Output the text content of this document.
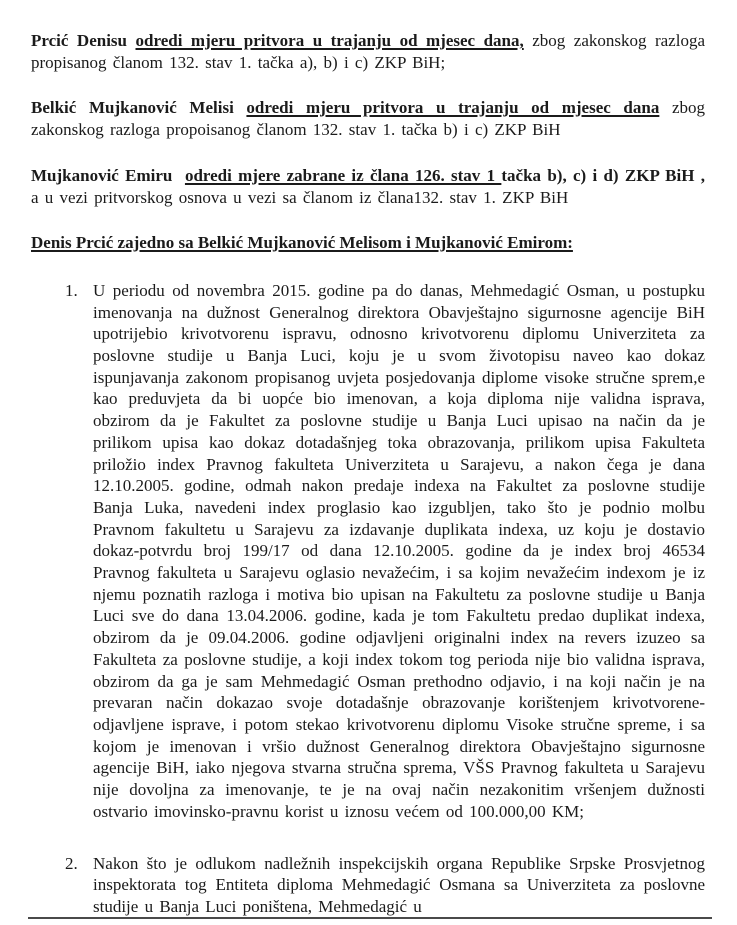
Prcić Denisu odredi mjeru pritvora u trajanju od mjesec dana, zbog zakonskog razloga propisanog članom 132. stav 1. tačka a), b) i c) ZKP BiH;

Belkić Mujkanović Melisi odredi mjeru pritvora u trajanju od mjesec dana zbog zakonskog razloga propoisanog članom 132. stav 1. tačka b) i c) ZKP BiH

Mujkanović Emiru  odredi mjere zabrane iz člana 126. stav 1 tačka b), c) i d) ZKP BiH , a u vezi pritvorskog osnova u vezi sa članom iz člana132. stav 1. ZKP BiH

Denis Prcić zajedno sa Belkić Mujkanović Melisom i Mujkanović Emirom:

1. U periodu od novembra 2015. godine pa do danas, Mehmedagić Osman, u postupku imenovanja na dužnost Generalnog direktora Obavještajno sigurnosne agencije BiH upotrijebio krivotvorenu ispravu, odnosno krivotvorenu diplomu Univerziteta za poslovne studije u Banja Luci, koju je u svom životopisu naveo kao dokaz ispunjavanja zakonom propisanog uvjeta posjedovanja diplome visoke stručne sprem,e kao preduvjeta da bi uopće bio imenovan, a koja diploma nije validna isprava, obzirom da je Fakultet za poslovne studije u Banja Luci upisao na način da je prilikom upisa kao dokaz dotadašnjeg toka obrazovanja, prilikom upisa Fakulteta priložio index Pravnog fakulteta Univerziteta u Sarajevu, a nakon čega je dana 12.10.2005. godine, odmah nakon predaje indexa na Fakultet za poslovne studije Banja Luka, navedeni index proglasio kao izgubljen, tako što je podnio molbu Pravnom fakultetu u Sarajevu za izdavanje duplikata indexa, uz koju je dostavio dokaz-potvrdu broj 199/17 od dana 12.10.2005. godine da je index broj 46534 Pravnog fakulteta u Sarajevu oglasio nevažećim, i sa kojim nevažećim indexom je iz njemu poznatih razloga i motiva bio upisan na Fakultetu za poslovne studije u Banja Luci sve do dana 13.04.2006. godine, kada je tom Fakultetu predao duplikat indexa, obzirom da je 09.04.2006. godine odjavljeni originalni index na revers izuzeo sa Fakulteta za poslovne studije, a koji index tokom tog perioda nije bio validna isprava, obzirom da ga je sam Mehmedagić Osman prethodno odjavio, i na koji način je na prevaran način dokazao svoje dotadašnje obrazovanje korištenjem krivotvorene-odjavljene isprave, i potom stekao krivotvorenu diplomu Visoke stručne spreme, i sa kojom je imenovan i vršio dužnost Generalnog direktora Obavještajno sigurnosne agencije BiH, iako njegova stvarna stručna sprema, VŠS Pravnog fakulteta u Sarajevu nije dovoljna za imenovanje, te je na ovaj način nezakonitim vršenjem dužnosti ostvario imovinsko-pravnu korist u iznosu većem od 100.000,00 KM;
2. Nakon što je odlukom nadležnih inspekcijskih organa Republike Srpske Prosvjetnog inspektorata tog Entiteta diploma Mehmedagić Osmana sa Univerziteta za poslovne studije u Banja Luci poništena, Mehmedagić u
